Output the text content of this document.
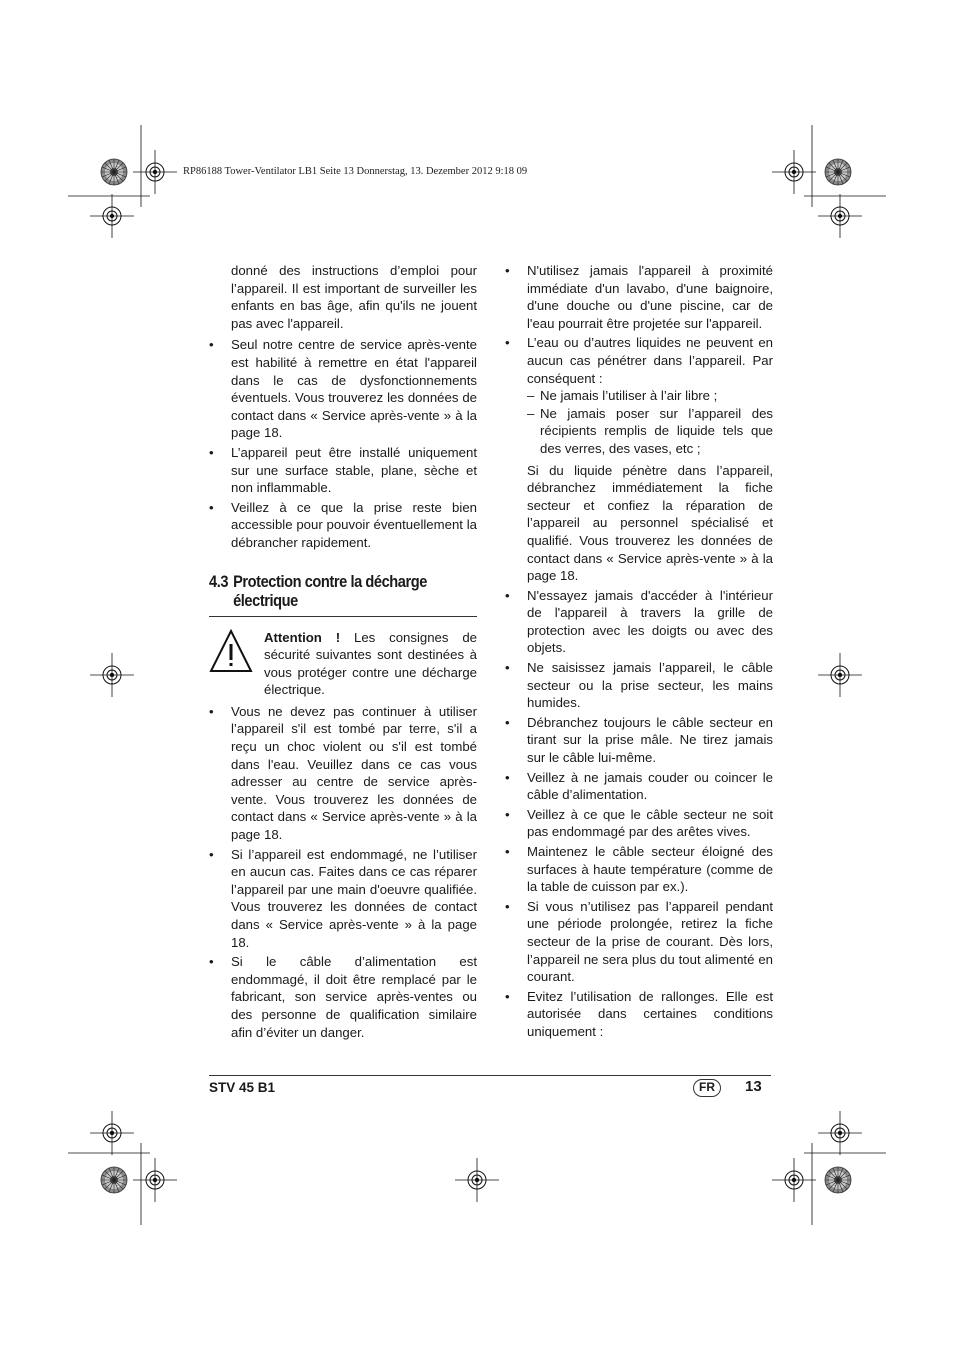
RP86188 Tower-Ventilator LB1 Seite 13 Donnerstag, 13. Dezember 2012 9:18 09

donné des instructions d’emploi pour l’appareil. Il est important de surveiller les enfants en bas âge, afin qu'ils ne jouent pas avec l'appareil.

• Seul notre centre de service après-vente est habilité à remettre en état l'appareil dans le cas de dysfonctionnements éventuels. Vous trouverez les données de contact dans « Service après-vente » à la page 18.
• L’appareil peut être installé uniquement sur une surface stable, plane, sèche et non inflammable.
• Veillez à ce que la prise reste bien accessible pour pouvoir éventuellement la débrancher rapidement.
4.3 Protection contre la décharge
électrique
Attention ! Les consignes de sécurité suivantes sont destinées à vous protéger contre une décharge électrique.
• Vous ne devez pas continuer à utiliser l’appareil s'il est tombé par terre, s'il a reçu un choc violent ou s'il est tombé dans l'eau. Veuillez dans ce cas vous adresser au centre de service après-vente. Vous trouverez les données de contact dans « Service après-vente » à la page 18.
• Si l’appareil est endommagé, ne l’utiliser en aucun cas. Faites dans ce cas réparer l’appareil par une main d'oeuvre qualifiée. Vous trouverez les données de contact dans « Service après-vente » à la page 18.
• Si le câble d’alimentation est endommagé, il doit être remplacé par le fabricant, son service après-ventes ou des personne de qualification similaire afin d’éviter un danger.
• N'utilisez jamais l'appareil à proximité immédiate d'un lavabo, d'une baignoire, d'une douche ou d'une piscine, car de l'eau pourrait être projetée sur l'appareil.
• L’eau ou d’autres liquides ne peuvent en aucun cas pénétrer dans l’appareil. Par conséquent :
– Ne jamais l’utiliser à l’air libre ;
– Ne jamais poser sur l’appareil des récipients remplis de liquide tels que des verres, des vases, etc ;
Si du liquide pénètre dans l’appareil, débranchez immédiatement la fiche secteur et confiez la réparation de l’appareil au personnel spécialisé et qualifié. Vous trouverez les données de contact dans « Service après-vente » à la page 18.
• N'essayez jamais d'accéder à l'intérieur de l'appareil à travers la grille de protection avec les doigts ou avec des objets.
• Ne saisissez jamais l’appareil, le câble secteur ou la prise secteur, les mains humides.
• Débranchez toujours le câble secteur en tirant sur la prise mâle. Ne tirez jamais sur le câble lui-même.
• Veillez à ne jamais couder ou coincer le câble d’alimentation.
• Veillez à ce que le câble secteur ne soit pas endommagé par des arêtes vives.
• Maintenez le câble secteur éloigné des surfaces à haute température (comme de la table de cuisson par ex.).
• Si vous n’utilisez pas l’appareil pendant une période prolongée, retirez la fiche secteur de la prise de courant. Dès lors, l’appareil ne sera plus du tout alimenté en courant.
• Evitez l’utilisation de rallonges. Elle est autorisée dans certaines conditions uniquement :
STV 45 B1	FR	13
